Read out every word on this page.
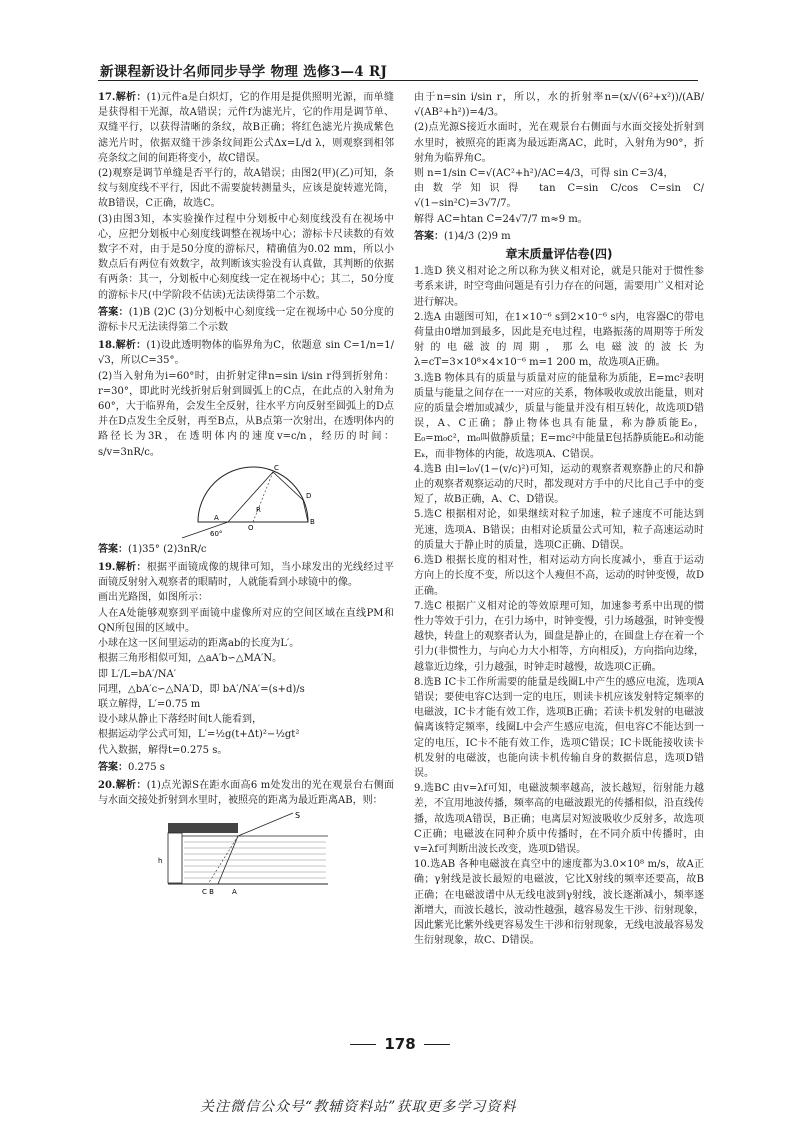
新课程新设计名师同步导学 物理 选修3—4 RJ

17.解析：(1)元件a是白炽灯，它的作用是提供照明光源，而单缝是获得相干光源，故A错误；元件f为滤光片，它的作用是调节单、双缝平行，以获得清晰的条纹，故B正确；将红色滤光片换成紫色滤光片时，依据双缝干涉条纹间距公式Δx=L/d λ，则观察到相邻亮条纹之间的间距将变小，故C错误。

(2)观察是调节单缝是否平行的，故A错误；由图2(甲)(乙)可知，条纹与刻度线不平行，因此不需要旋转测量头，应该是旋转遮光筒，故B错误，C正确，故选C。

(3)由图3知，本实验操作过程中分划板中心刻度线没有在视场中心，应把分划板中心刻度线调整在视场中心；游标卡尺读数的有效数字不对，由于是50分度的游标尺，精确值为0.02 mm，所以小数点后有两位有效数字，故判断该实验没有认真做，其判断的依据有两条：其一，分划板中心刻度线一定在视场中心；其二，50分度的游标卡尺(中学阶段不估读)无法读得第二个示数。

答案：(1)B (2)C (3)分划板中心刻度线一定在视场中心 50分度的游标卡尺无法读得第二个示数

18.解析：(1)设此透明物体的临界角为C，依题意 sin C=1/n=1/√3，所以C=35°。

(2)当入射角为i=60°时，由折射定律n=sin i/sin r得到折射角：r=30°，即此时光线折射后射到圆弧上的C点，在此点的入射角为60°，大于临界角，会发生全反射，往水平方向反射至圆弧上的D点并在D点发生全反射，再至B点，从B点第一次射出，在透明体内的路径长为3R，在透明体内的速度v=c/n，经历的时间：s/v=3nR/c。

A
C
D
B
R
O
60°

答案：(1)35° (2)3nR/c

19.解析：根据平面镜成像的规律可知，当小球发出的光线经过平面镜反射射入观察者的眼睛时，人就能看到小球镜中的像。

画出光路图，如图所示：

人在A处能够观察到平面镜中虚像所对应的空间区域在直线PM和QN所包围的区域中。

小球在这一区间里运动的距离ab的长度为L′。

根据三角形相似可知，△aA′b∽△MA′N。

即 L′/L=bA′/NA′

同理，△bA′c∽△NA′D，即 bA′/NA′=(s+d)/s

联立解得，L′=0.75 m

设小球从静止下落经时间t人能看到，

根据运动学公式可知，L′=½g(t+Δt)²−½gt²

代入数据，解得t=0.275 s。

答案：0.275 s

20.解析：(1)点光源S在距水面高6 m处发出的光在观景台右侧面与水面交接处折射到水里时，被照亮的距离为最近距离AB，则：

S
C B	A
h

由于n=sin i/sin r，所以，水的折射率n=(x/√(6²+x²))/(AB/√(AB²+h²))=4/3。

(2)点光源S接近水面时，光在观景台右侧面与水面交接处折射到水里时，被照亮的距离为最远距离AC，此时，入射角为90°，折射角为临界角C。

则 n=1/sin C=√(AC²+h²)/AC=4/3，可得 sin C=3/4，

由数学知识得 tan C=sin C/cos C=sin C/√(1−sin²C)=3√7/7。

解得 AC=htan C=24√7/7 m≈9 m。

答案：(1)4/3 (2)9 m

章末质量评估卷(四)

1.选D 狭义相对论之所以称为狭义相对论，就是只能对于惯性参考系来讲，时空弯曲问题是有引力存在的问题，需要用广义相对论进行解决。

2.选A 由题图可知，在1×10⁻⁶ s到2×10⁻⁶ s内，电容器C的带电荷量由0增加到最多，因此是充电过程，电路振荡的周期等于所发射的电磁波的周期，那么电磁波的波长为λ=cT=3×10⁸×4×10⁻⁶ m=1 200 m，故选项A正确。

3.选B 物体具有的质量与质量对应的能量称为质能，E=mc²表明质量与能量之间存在一一对应的关系，物体吸收或放出能量，则对应的质量会增加或减少，质量与能量并没有相互转化，故选项D错误，A、C正确；静止物体也具有能量，称为静质能E₀，E₀=m₀c²，m₀叫做静质量；E=mc²中能量E包括静质能E₀和动能Eₖ，而非物体的内能，故选项A、C错误。

4.选B 由l=l₀√(1−(v/c)²)可知，运动的观察者观察静止的尺和静止的观察者观察运动的尺时，都发现对方手中的尺比自己手中的变短了，故B正确，A、C、D错误。

5.选C 根据相对论，如果继续对粒子加速，粒子速度不可能达到光速，选项A、B错误；由相对论质量公式可知，粒子高速运动时的质量大于静止时的质量，选项C正确、D错误。

6.选D 根据长度的相对性，相对运动方向长度减小，垂直于运动方向上的长度不变，所以这个人瘦但不高，运动的时钟变慢，故D正确。

7.选C 根据广义相对论的等效原理可知，加速参考系中出现的惯性力等效于引力，在引力场中，时钟变慢，引力场越强，时钟变慢越快，转盘上的观察者认为，圆盘是静止的，在圆盘上存在着一个引力(非惯性力，与向心力大小相等，方向相反)，方向指向边缘，越靠近边缘，引力越强，时钟走时越慢，故选项C正确。

8.选B IC卡工作所需要的能量是线圈L中产生的感应电流，选项A错误；要使电容C达到一定的电压，则读卡机应该发射特定频率的电磁波，IC卡才能有效工作，选项B正确；若读卡机发射的电磁波偏离该特定频率，线圈L中会产生感应电流，但电容C不能达到一定的电压，IC卡不能有效工作，选项C错误；IC卡既能接收读卡机发射的电磁波，也能向读卡机传输自身的数据信息，选项D错误。

9.选BC 由v=λf可知，电磁波频率越高，波长越短，衍射能力越差，不宜用地波传播，频率高的电磁波跟光的传播相似，沿直线传播，故选项A错误，B正确；电离层对短波吸收少反射多，故选项C正确；电磁波在同种介质中传播时，在不同介质中传播时，由v=λf可判断出波长改变，选项D错误。

10.选AB 各种电磁波在真空中的速度都为3.0×10⁸ m/s，故A正确；γ射线是波长最短的电磁波，它比X射线的频率还要高，故B正确；在电磁波谱中从无线电波到γ射线，波长逐渐减小，频率逐渐增大，而波长越长，波动性越强，越容易发生干涉、衍射现象，因此紫光比紫外线更容易发生干涉和衍射现象，无线电波最容易发生衍射现象，故C、D错误。

178
关注微信公众号“教辅资料站”获取更多学习资料
